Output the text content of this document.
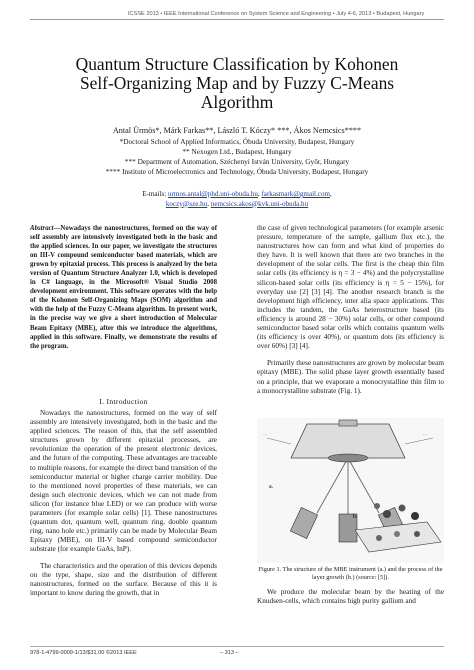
ICSSE 2013 • IEEE International Conference on System Science and Engineering • July 4-6, 2013 • Budapest, Hungary
Quantum Structure Classification by Kohonen
Self-Organizing Map and by Fuzzy C-Means
Algorithm
Antal Ürmös*, Márk Farkas**, László T. Kóczy* ***, Ákos Nemcsics****
*Doctoral School of Applied Informatics, Óbuda University, Budapest, Hungary
** Nexogen Ltd., Budapest, Hungary
*** Department of Automation, Széchenyi István University, Győr, Hungary
**** Institute of Microelectronics and Technology, Óbuda University, Budapest, Hungary
E-mails: urmos.antal@phd.uni-obuda.hu, farkasmark@gmail.com,
koczy@sze.hu, nemcsics.akos@kvk.uni-obuda.hu
Abstract—Nowadays the nanostructures, formed on the way of self assembly are intensively investigated both in the basic and the applied sciences. In our paper, we investigate the structures on III-V compound semiconductor based materials, which are grown by epitaxial process. This process is analyzed by the beta version of Quantum Structure Analyzer 1.0, which is developed in C# language, in the Microsoft® Visual Studio 2008 development environment. This software operates with the help of the Kohonen Self-Organizing Maps (SOM) algorithm and with the help of the Fuzzy C-Means algorithm. In present work, in the precise way we give a short introduction of Molecular Beam Epitaxy (MBE), after this we introduce the algorithms, applied in this software. Finally, we demonstrate the results of the program.
I. Introduction

Nowadays the nanostructures, formed on the way of self assembly are intensively investigated, both in the basic and the applied sciences. The reason of this, that the self assembled structures grown by different epitaxial processes, are revolutionize the operation of the present electronic devices, and the future of the computing. These advantages are traceable to multiple reasons, for example the direct band transition of the semiconductor material or higher charge carrier mobility. Due to the mentioned novel properties of these materials, we can design such electronic devices, which we can not made from silicon (for instance blue LED) or we can produce with worse parameters (for example solar cells) [1]. These nanostructures (quantum dot, quantum well, quantum ring, double quantum ring, nano hole etc.) primarily can be made by Molecular Beam Epitaxy (MBE), on III-V based compound semiconductor substrate (for example GaAs, InP).

The characteristics and the operation of this devices depends on the type, shape, size and the distribution of different nanostructures, formed on the surface. Because of this it is important to know during the growth, that in

the case of given technological parameters (for example arsenic pressure, temperature of the sample, gallium flux etc.), the nanostructures how can form and what kind of properties do they have. It is well known that there are two branches in the development of the solar cells. The first is the cheap thin film solar cells (its efficiency is η = 3 − 4%) and the polycrystalline silicon-based solar cells (its efficiency is η = 5 − 15%), for everyday use [2] [3] [4]. The another research branch is the development high efficiency, inter alia space applications. This includes the tandem, the GaAs heterostructure based (its efficiency is around 28 − 30%) solar cells, or other compound semiconductor based solar cells which contains quantum wells (its efficiency is over 40%), or quantum dots (its efficiency is over 60%) [3] [4].

Primarily these nanostructures are grown by molecular beam epitaxy (MBE). The solid phase layer growth essentially based on a principle, that we evaporate a monocrystalline thin film to a monocrystalline substrate (Fig. 1).

···	···
a.
b.
Figure 1. The structure of the MBE instrument (a.) and the process of the layer growth (b.) (source: [5]).

We produce the molecular beam by the heating of the Knudsen-cells, which contains high purity gallium and

978-1-4799-0009-1/13/$31.00 ©2013 IEEE	– 313 –
